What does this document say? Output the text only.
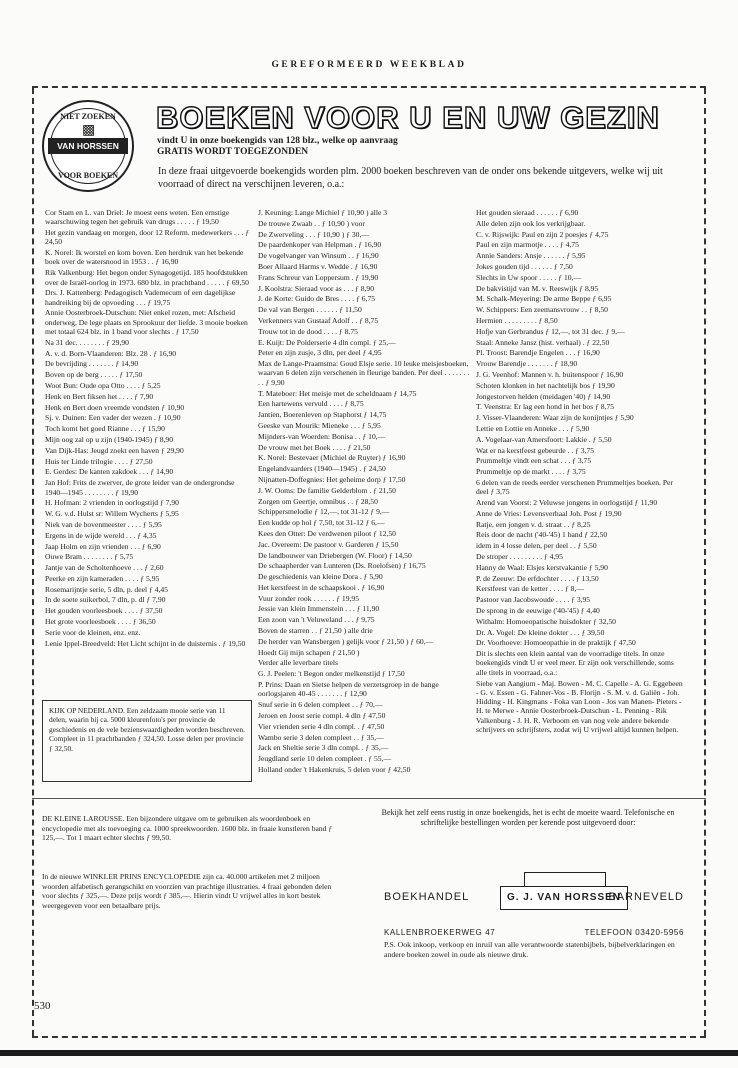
GEREFORMEERD WEEKBLAD
NIET ZOEKEN
▩
VAN HORSSEN
VOOR BOEKEN
BOEKEN VOOR U EN UW GEZIN
vindt U in onze boekengids van 128 blz., welke op aanvraag
GRATIS WORDT TOEGEZONDEN
In deze fraai uitgevoerde boekengids worden plm. 2000 boeken beschreven van de onder ons bekende uitgevers, welke wij uit voorraad of direct na verschijnen leveren, o.a.:

Cor Stam en L. van Driel: Je moest eens weten. Een ernstige waarschuwing tegen het gebruik van drugs . . . . . ƒ 19,50

Het gezin vandaag en morgen, door 12 Reform. medewerkers . . . ƒ 24,50

K. Norel: Ik worstel en kom boven. Een herdruk van het bekende boek over de watersnood in 1953 . . ƒ 16,90

Rik Valkenburg: Het begon onder Synagogetijd. 185 hoofdstukken over de Israël-oorlog in 1973. 680 blz. in prachtband . . . . . ƒ 69,50

Drs. J. Kattenberg: Pedagogisch Vademecum of een dagelijkse handreiking bij de opvoeding . . . ƒ 19,75

Annie Oosterbroek-Dutschun: Niet enkel rozen, met: Afscheid onderweg, De lege plaats en Sprookuur der liefde. 3 mooie boeken met totaal 624 blz. in 1 band voor slechts . ƒ 17,50

Na 31 dec. . . . . . . . ƒ 29,90

A. v. d. Born-Vlaanderen: Blz. 28 . ƒ 16,90

De bevrijding . . . . . . . ƒ 14,90

Boven op de berg . . . . . ƒ 17,50

Woot Bun: Oude opa Otto . . . . ƒ 5,25

Henk en Bert fiksen het . . . . ƒ 7,90

Henk en Bert doen vreemde vondsten ƒ 10,90

Sj. v. Duinen: Een vader der wezen . ƒ 10,90

Toch komt het goed Rianne . . . ƒ 15,90

Mijn oog zal op u zijn (1940-1945) ƒ 8,90

Van Dijk-Has: Jeugd zoekt een haven ƒ 29,90

Huis ter Linde trilogie . . . . ƒ 27,50

E. Gerdes: De kanten zakdoek . . . ƒ 14,90

Jan Hof: Frits de zwerver, de grote leider van de ondergrondse 1940—1945 . . . . . . . . ƒ 19,90

H. Hofman: 2 vrienden in oorlogstijd ƒ 7,90

W. G. v.d. Hulst sr: Willem Wycherts ƒ 5,95

Niek van de bovenmeester . . . . ƒ 5,95

Ergens in de wijde wereld . . . ƒ 4,35

Jaap Holm en zijn vrienden . . . ƒ 6,90

Ouwe Bram . . . . . . . . ƒ 5,75

Jantje van de Scholtenhoeve . . . ƒ 2,60

Peerke en zijn kameraden . . . . ƒ 5,95

Rosemarijntje serie, 5 dln, p. deel ƒ 4,45

In de soete suikerbol, 7 dln, p. dl ƒ 7,90

Het gouden voorleesboek . . . . ƒ 37,50

Het grote voorleesboek . . . . ƒ 36,50

Serie voor de kleinen, enz. enz.

Lenie Ippel-Breedveld: Het Licht schijnt in de duisternis . ƒ 19,50

J. Keuning: Lange Michiel ƒ 10,90 ) alle 3

De trouwe Zwaab . . ƒ 10,90 ) voor

De Zwerveling . . . ƒ 10,90 ) ƒ 30,—

De paardenkoper van Helpman . ƒ 16,90

De vogelvanger van Winsum . . ƒ 16,90

Boer Allaard Harms v. Wedde . ƒ 16,90

Frans Schreur van Loppersum . ƒ 19,90

J. Koolstra: Sieraad voor as . . . ƒ 8,90

J. de Korte: Guido de Bres . . . . ƒ 6,75

De val van Bergen . . . . . . ƒ 11,50

Verkenners van Gustaaf Adolf . . ƒ 8,75

Trouw tot in de dood . . . . ƒ 8,75

E. Kuijt: De Polderserie 4 dln compl. ƒ 25,—

Peter en zijn zusje, 3 dln, per deel ƒ 4,95

Max de Lange-Praamsma: Goud Elsje serie. 10 leuke meisjesboeken, waarvan 6 delen zijn verschenen in fleurige banden. Per deel . . . . . . . . . ƒ 9,90

T. Mateboer: Het meisje met de scheldnaam ƒ 14,75

Een hartewens vervuld . . . . ƒ 8,75

Jantien, Boerenleven op Staphorst ƒ 14,75

Geeske van Mourik: Mieneke . . . ƒ 5,95

Mijnders-van Woerden: Bonisa . . ƒ 10,—

De vrouw met het Boek . . . . ƒ 21,50

K. Norel: Bestevaer (Michiel de Ruyter) ƒ 16,90

Engelandvaarders (1940—1945) . ƒ 24,50

Nijnatten-Doffegnies: Het geheime dorp ƒ 17,50

J. W. Ooms: De familie Gelderblom . ƒ 21,50

Zorgen om Geertje, omnibus . . ƒ 28,50

Schippersmelodie ƒ 12,—, tot 31-12 ƒ 9,—

Een kudde op hol ƒ 7,50, tot 31-12 ƒ 6,—

Kees den Otter: De verdwenen piloot ƒ 12,50

Jac. Overeem: De pastoor v. Garderen ƒ 15,50

De landbouwer van Driebergen (W. Floor) ƒ 14,50

De schaapherder van Lunteren (Ds. Roelofsen) ƒ 16,75

De geschiedenis van kleine Dora . ƒ 5,90

Het kerstfeest in de schaapskooi . ƒ 16,90

Vuur zonder rook . . . . . . ƒ 19,95

Jessie van klein Immenstein . . . ƒ 11,90

Een zoon van 't Veluweland . . . ƒ 9,75

Boven de starren . . ƒ 21,50 ) alle drie

De herder van Wansbergen ) gelijk voor ƒ 21,50 ) ƒ 60,—

Hoedt Gij mijn schapen ƒ 21,50 )

Verder alle leverbare titels

G. J. Peelen: 't Begon onder melkenstijd ƒ 17,50

P. Prins: Daan en Sietse helpen de verzetsgroep in de bange oorlogsjaren 40-45 . . . . . . . ƒ 12,90

Snuf serie in 6 delen compleet . . ƒ 70,—

Jeroen en Joost serie compl. 4 dln ƒ 47,50

Vier vrienden serie 4 dln compl. . ƒ 47,50

Wambo serie 3 delen compleet . . ƒ 35,—

Jack en Sheltie serie 3 dln compl. . ƒ 35,—

Jeugdland serie 10 delen compleet . ƒ 55,—

Holland onder 't Hakenkruis, 5 delen voor ƒ 42,50

Het gouden sieraad . . . . . . ƒ 6,90

Alle delen zijn ook los verkrijgbaar.

C. v. Rijswijk: Paul en zijn 2 poesjes ƒ 4,75

Paul en zijn marmotje . . . . ƒ 4,75

Annie Sanders: Ansje . . . . . . ƒ 5,95

Jokes gouden tijd . . . . . . ƒ 7,50

Slechts in Uw spoor . . . . . ƒ 10,—

De bakvistijd van M. v. Reeswijk ƒ 8,95

M. Schalk-Meyering: De arme Beppe ƒ 6,95

W. Schippers: Een zeemansvrouw . . ƒ 8,50

Hermien . . . . . . . . . ƒ 8,50

Hofje van Gerbrandus ƒ 12,—, tot 31 dec. ƒ 9,—

Staal: Anneke Jansz (hist. verhaal) . ƒ 22,50

Pl. Troost: Barendje Engelen . . . ƒ 16,90

Vrouw Barendje . . . . . . . ƒ 18,90

J. G. Veenhof: Mannen v. h. buitenspoor ƒ 16,90

Schoten klonken in het nachtelijk bos ƒ 19,90

Jongestorven helden (meidagen '40) ƒ 14,90

T. Veenstra: Er lag een hond in het bos ƒ 8,75

J. Visser-Vlaanderen: Waar zijn de konijntjes ƒ 5,90

Lettie en Lottie en Anneke . . . ƒ 5,90

A. Vogelaar-van Amersfoort: Lakkie . ƒ 5,50

Wat er na kerstfeest gebeurde . . ƒ 3,75

Prummeltje vindt een schat . . . ƒ 3,75

Prummeltje op de markt . . . . ƒ 3,75

6 delen van de reeds eerder verschenen Prummeltjes boeken. Per deel ƒ 3,75

Arend van Voorst: 2 Veluwse jongens in oorlogstijd ƒ 11,90

Anne de Vries: Levensverhaal Joh. Post ƒ 19,90

Ratje, een jongen v. d. straat . . ƒ 8,25

Reis door de nacht ('40-'45) 1 band ƒ 22,50

idem in 4 losse delen, per deel . . ƒ 5,50

De stroper . . . . . . . . . ƒ 4,95

Hanny de Waal: Elsjes kerstvakantie ƒ 5,90

P. de Zeeuw: De erfdochter . . . . ƒ 13,50

Kerstfeest van de ketter . . . . ƒ 8,—

Pastoor van Jacobswoude . . . . ƒ 3,95

De sprong in de eeuwige ('40-'45) ƒ 4,40

Withalm: Homoeopatische huisdokter ƒ 32,50

Dr. A. Vogel: De kleine dokter . . . ƒ 39,50

Dr. Voorhoeve: Homoeopathie in de praktijk ƒ 47,50

Dit is slechts een klein aantal van de voorradige titels. In onze boekengids vindt U er veel meer. Er zijn ook verschillende, soms alle titels in voorraad, o.a.:

Siebe van Aangium - Maj. Bowen - M. C. Capelle - A. G. Eggebeen - G. v. Essen - G. Fahner-Vos - B. Florijn - S. M. v. d. Galiën - Joh. Hidding - H. Kingmans - Foka van Loon - Jos van Manen- Pieters - H. te Merwe - Annie Oosterbroek-Dutschun - L. Penning - Rik Valkenburg - J. H. R. Verboom en van nog vele andere bekende schrijvers en schrijfsters, zodat wij U vrijwel altijd kunnen helpen.

KIJK OP NEDERLAND. Een zeldzaam mooie serie van 11 delen, waarin bij ca. 5000 kleurenfoto's per provincie de geschiedenis en de vele bezienswaardigheden worden beschreven. Compleet in 11 prachtbanden ƒ 324,50. Losse delen per provincie ƒ 32,50.
DE KLEINE LAROUSSE. Een bijzondere uitgave om te gebruiken als woordenboek en encyclopedie met als toevoeging ca. 1000 spreekwoorden. 1600 blz. in fraaie kunstleren band ƒ 125,—. Tot 1 maart echter slechts ƒ 99,50.
In de nieuwe WINKLER PRINS ENCYCLOPEDIE zijn ca. 40.000 artikelen met 2 miljoen woorden alfabetisch gerangschikt en voorzien van prachtige illustraties. 4 fraai gebonden delen voor slechts ƒ 325,—. Deze prijs wordt ƒ 385,—. Hierin vindt U vrijwel alles in kort bestek weergegeven voor een betaalbare prijs.
Bekijk het zelf eens rustig in onze boekengids, het is echt de moeite waard. Telefonische en schriftelijke bestellingen worden per kerende post uitgevoerd door:
BOEKHANDEL	G. J. VAN HORSSEN
BARNEVELD
KALLENBROEKERWEG 47	TELEFOON 03420-5956
P.S. Ook inkoop, verkoop en inruil van alle verantwoorde statenbijbels, bijbelverklaringen en andere boeken zowel in oude als nieuwe druk.
530
